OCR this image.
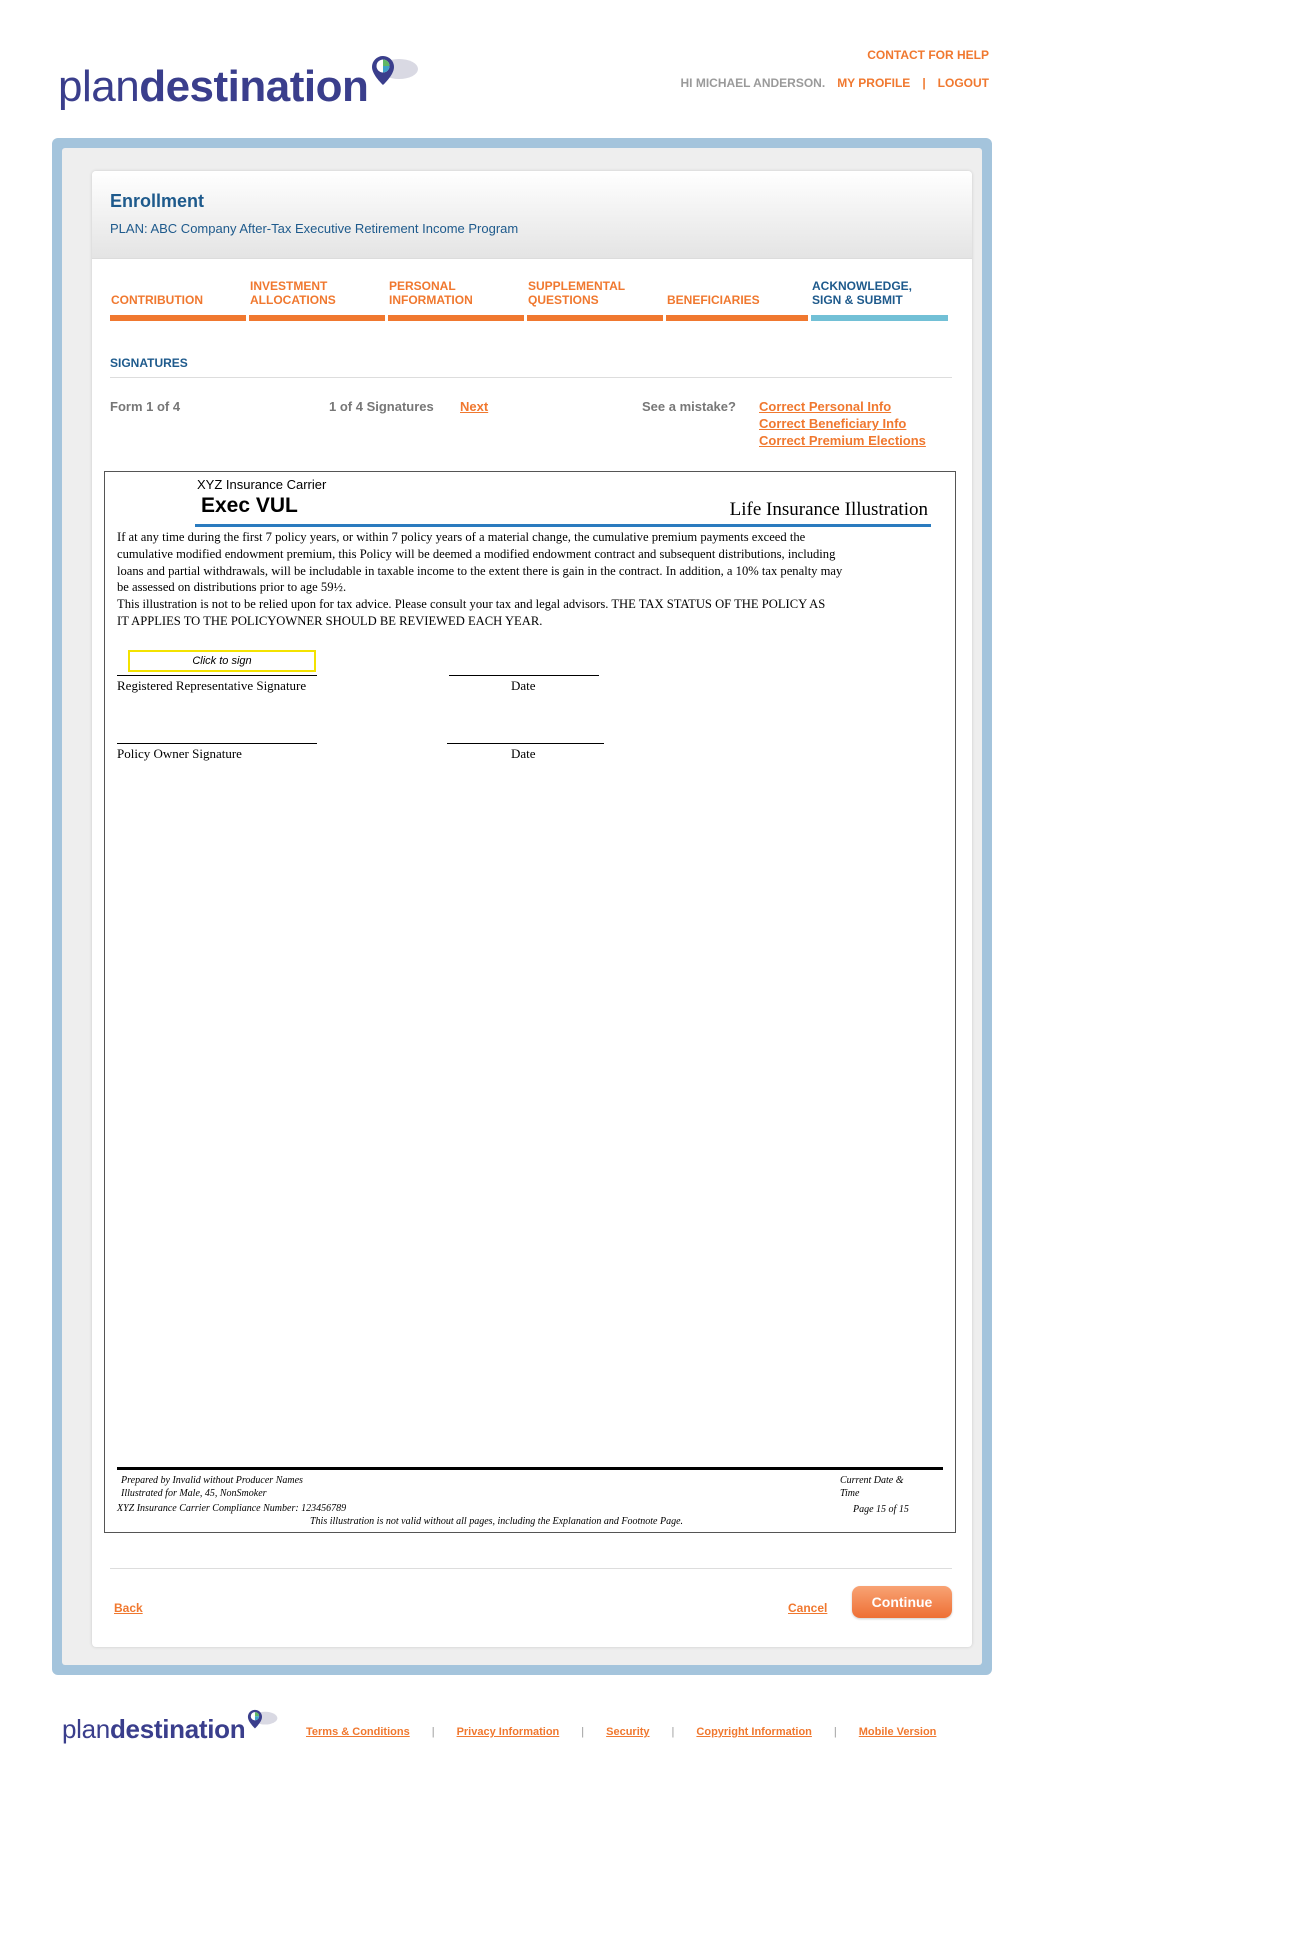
plan destination
CONTACT FOR HELP
HI MICHAEL ANDERSON. MY PROFILE | LOGOUT
Enrollment
PLAN: ABC Company After-Tax Executive Retirement Income Program

CONTRIBUTION
INVESTMENT
ALLOCATIONS
PERSONAL
INFORMATION
SUPPLEMENTAL
QUESTIONS	BENEFICIARIES
ACKNOWLEDGE,
SIGN & SUBMIT
SIGNATURES
Form 1 of 4	1 of 4 Signatures Next	See a mistake? Correct Personal Info
Correct Beneficiary Info
Correct Premium Elections
XYZ Insurance Carrier
Exec VUL	Life Insurance Illustration
If at any time during the first 7 policy years, or within 7 policy years of a material change, the cumulative premium payments exceed the
cumulative modified endowment premium, this Policy will be deemed a modified endowment contract and subsequent distributions, including
loans and partial withdrawals, will be includable in taxable income to the extent there is gain in the contract. In addition, a 10% tax penalty may
be assessed on distributions prior to age 59½.
This illustration is not to be relied upon for tax advice. Please consult your tax and legal advisors. THE TAX STATUS OF THE POLICY AS
IT APPLIES TO THE POLICYOWNER SHOULD BE REVIEWED EACH YEAR.
Click to sign
Registered Representative Signature	Date
Policy Owner Signature	Date
Prepared by Invalid without Producer Names
Illustrated for Male, 45, NonSmoker
XYZ Insurance Carrier Compliance Number: 123456789
This illustration is not valid without all pages, including the Explanation and Footnote Page.
Current Date &
Time
Page 15 of 15
Back	Cancel	Continue
plan destination	Terms & Conditions | Privacy Information | Security | Copyright Information | Mobile Version
